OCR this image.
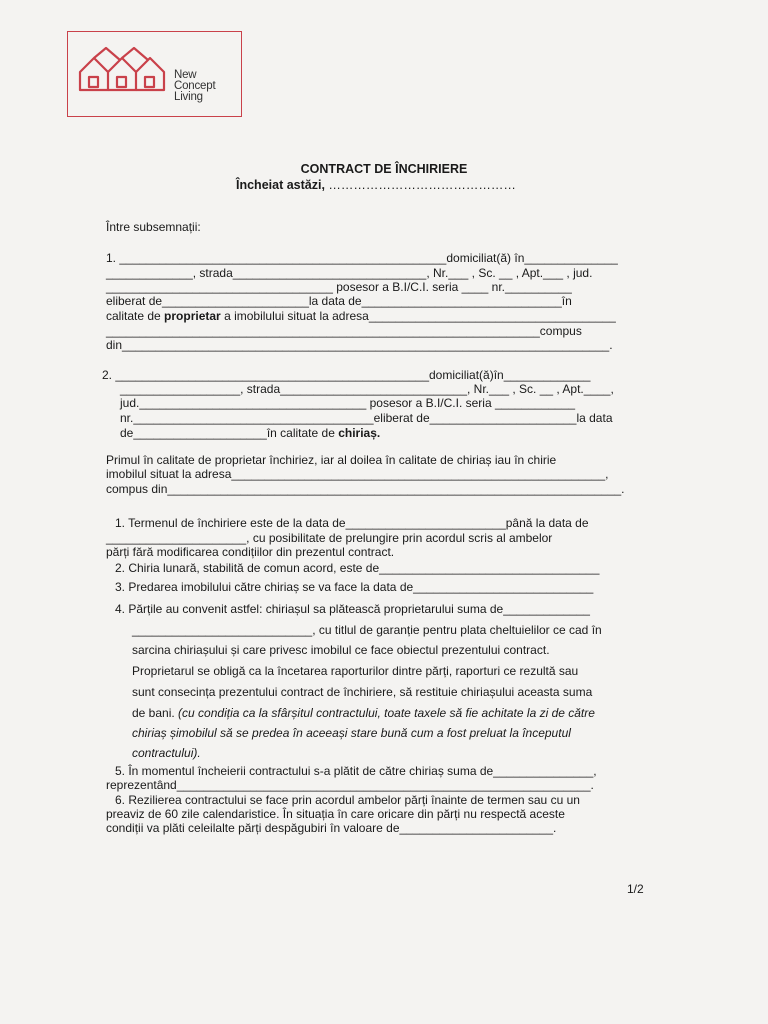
New
Concept
Living
CONTRACT DE ÎNCHIRIERE
Încheiat astăzi, ………………………………………
Între subsemnații:
1. _________________________________________________domiciliat(ă) în______________
_____________, strada_____________________________, Nr.___ , Sc. __ , Apt.___ , jud.
__________________________________ posesor a B.I/C.I. seria ____ nr.__________
eliberat de______________________la data de______________________________în
calitate de proprietar a imobilului situat la adresa_____________________________________
_________________________________________________________________compus
din_________________________________________________________________________.
2. _______________________________________________domiciliat(ă)în_____________
__________________, strada____________________________, Nr.___ , Sc. __ , Apt.____,
jud.__________________________________ posesor a B.I/C.I. seria ____________
nr.____________________________________eliberat de______________________la data
de____________________în calitate de chiriaș.
Primul în calitate de proprietar închiriez, iar al doilea în calitate de chiriaș iau în chirie
imobilul situat la adresa________________________________________________________,
compus din____________________________________________________________________.
1. Termenul de închiriere este de la data de________________________până la data de
_____________________, cu posibilitate de prelungire prin acordul scris al ambelor
părți fără modificarea condițiilor din prezentul contract.
2. Chiria lunară, stabilită de comun acord, este de_________________________________
3. Predarea imobilului către chiriaș se va face la data de___________________________
4. Părțile au convenit astfel: chiriașul sa plătească proprietarului suma de_____________
___________________________, cu titlul de garanție pentru plata cheltuielilor ce cad în
sarcina chiriașului și care privesc imobilul ce face obiectul prezentului contract.
Proprietarul se obligă ca la încetarea raporturilor dintre părți, raporturi ce rezultă sau
sunt consecința prezentului contract de închiriere, să restituie chiriașului aceasta suma
de bani. (cu condiția ca la sfârșitul contractului, toate taxele să fie achitate la zi de către
chiriaș șimobilul să se predea în aceeași stare bună cum a fost preluat la începutul
contractului).
5. În momentul încheierii contractului s-a plătit de către chiriaș suma de_______________,
reprezentând______________________________________________________________.
6. Rezilierea contractului se face prin acordul ambelor părți înainte de termen sau cu un
preaviz de 60 zile calendaristice. În situația în care oricare din părți nu respectă aceste
condiții va plăti celeilalte părți despăgubiri în valoare de_______________________.
1/2
